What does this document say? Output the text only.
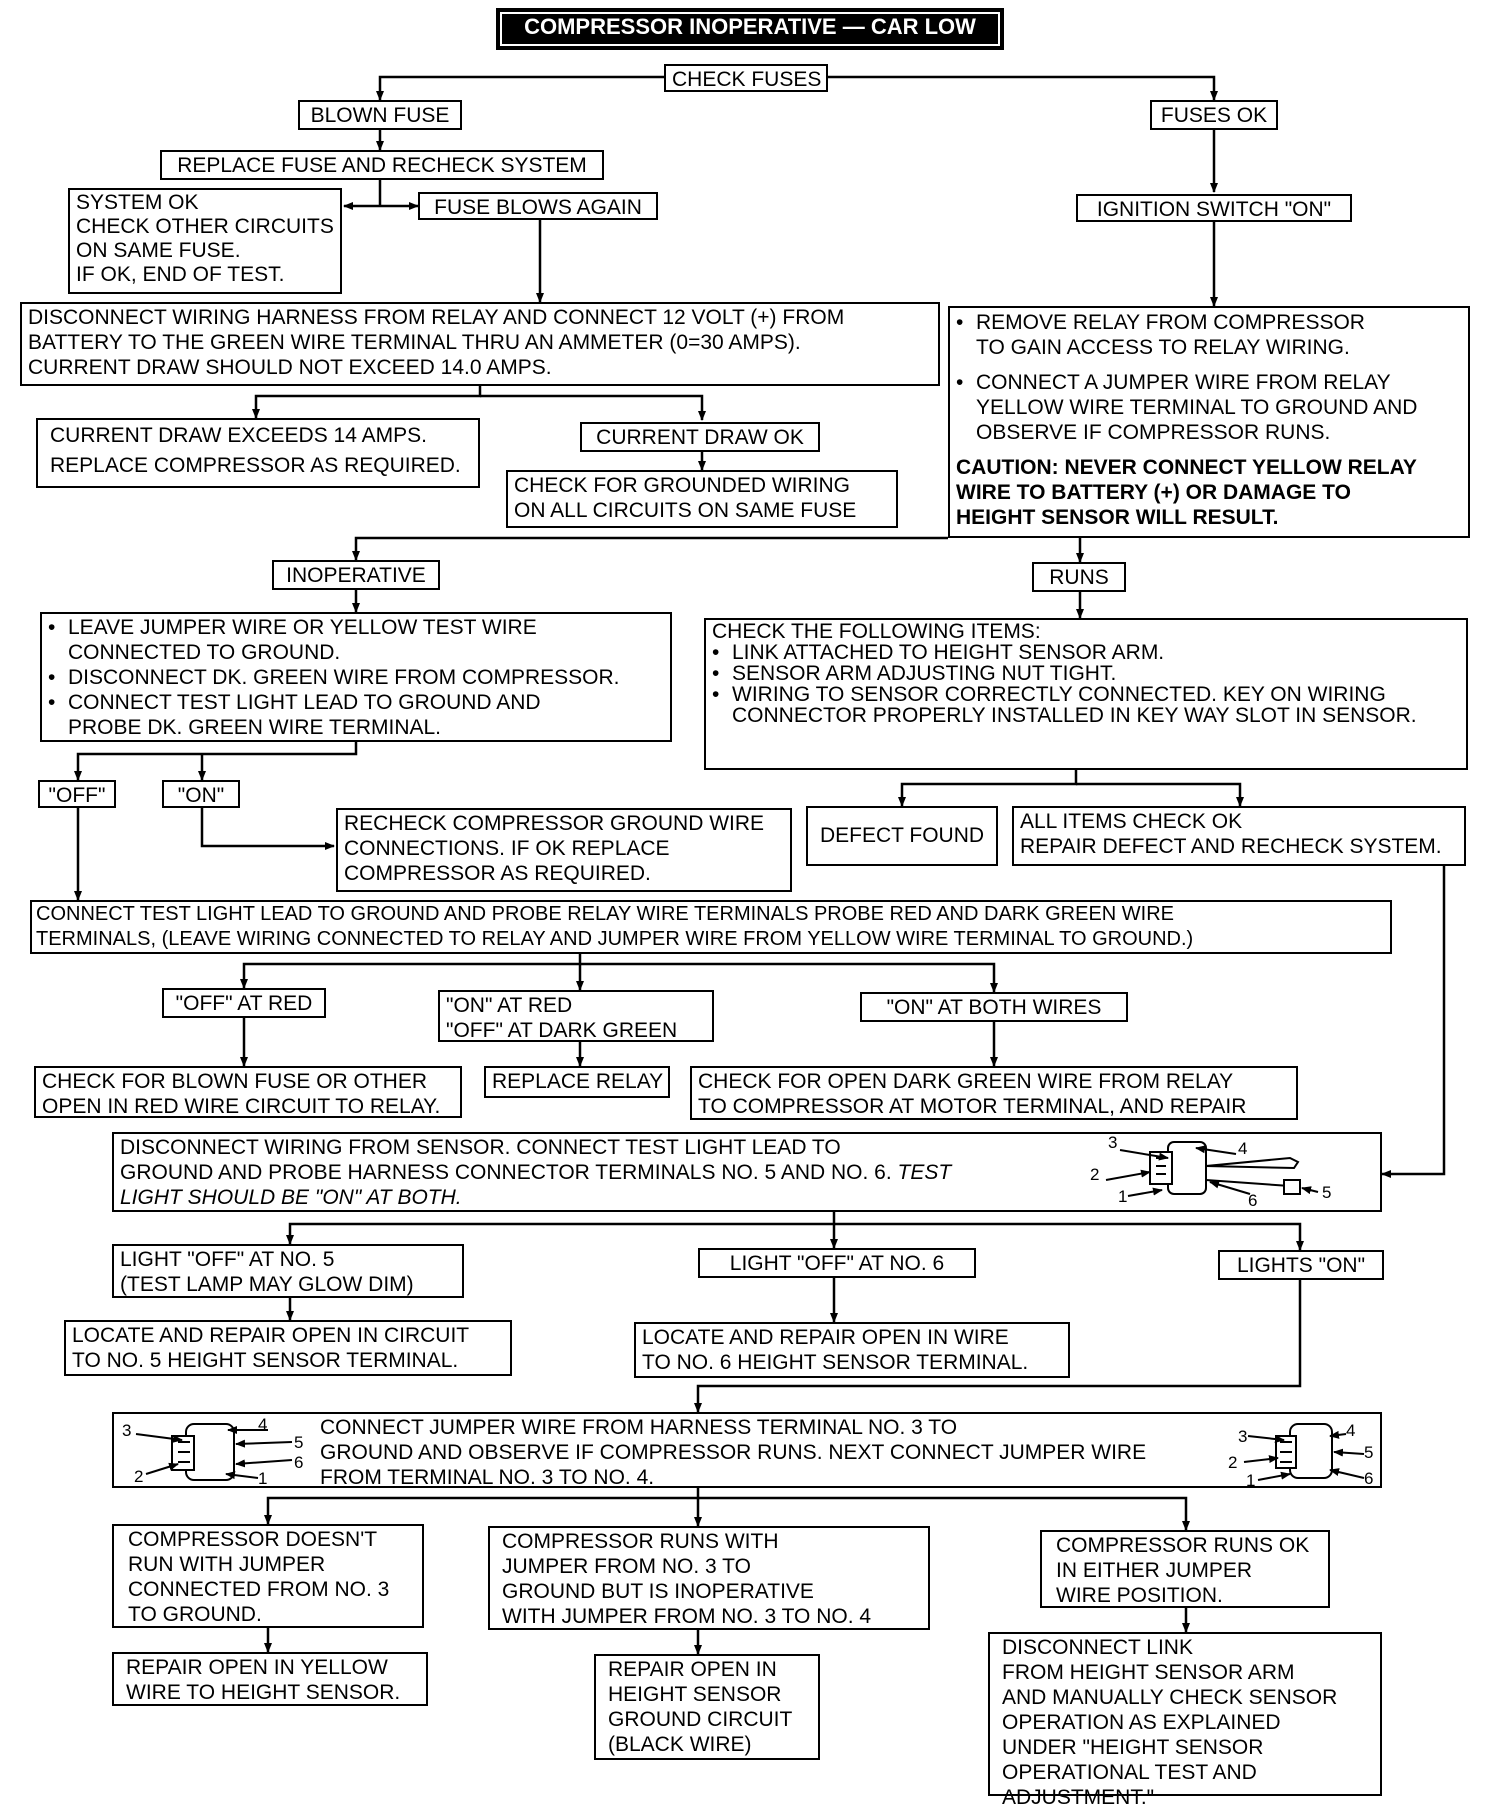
3	4
2
1	6	5
3	4
5
6
2	1
3	4
5
2
1	6
COMPRESSOR INOPERATIVE — CAR LOW
CHECK FUSES
BLOWN FUSE	FUSES OK
REPLACE FUSE AND RECHECK SYSTEM
SYSTEM OK
CHECK OTHER CIRCUITS
ON SAME FUSE.
IF OK, END OF TEST.
FUSE BLOWS AGAIN	IGNITION SWITCH "ON"
DISCONNECT WIRING HARNESS FROM RELAY AND CONNECT 12 VOLT (+) FROM
BATTERY TO THE GREEN WIRE TERMINAL THRU AN AMMETER (0=30 AMPS).
CURRENT DRAW SHOULD NOT EXCEED 14.0 AMPS.
• REMOVE RELAY FROM COMPRESSOR
TO GAIN ACCESS TO RELAY WIRING.
• CONNECT A JUMPER WIRE FROM RELAY
YELLOW WIRE TERMINAL TO GROUND AND
OBSERVE IF COMPRESSOR RUNS.
CAUTION: NEVER CONNECT YELLOW RELAY
WIRE TO BATTERY (+) OR DAMAGE TO
HEIGHT SENSOR WILL RESULT.
CURRENT DRAW EXCEEDS 14 AMPS.
REPLACE COMPRESSOR AS REQUIRED.
CURRENT DRAW OK
CHECK FOR GROUNDED WIRING
ON ALL CIRCUITS ON SAME FUSE
INOPERATIVE	RUNS
• LEAVE JUMPER WIRE OR YELLOW TEST WIRE
CONNECTED TO GROUND.
• DISCONNECT DK. GREEN WIRE FROM COMPRESSOR.
• CONNECT TEST LIGHT LEAD TO GROUND AND
PROBE DK. GREEN WIRE TERMINAL.
CHECK THE FOLLOWING ITEMS:
• LINK ATTACHED TO HEIGHT SENSOR ARM.
• SENSOR ARM ADJUSTING NUT TIGHT.
• WIRING TO SENSOR CORRECTLY CONNECTED. KEY ON WIRING
CONNECTOR PROPERLY INSTALLED IN KEY WAY SLOT IN SENSOR.
"OFF"	"ON"
RECHECK COMPRESSOR GROUND WIRE
CONNECTIONS. IF OK REPLACE
COMPRESSOR AS REQUIRED.
DEFECT FOUND
ALL ITEMS CHECK OK
REPAIR DEFECT AND RECHECK SYSTEM.
CONNECT TEST LIGHT LEAD TO GROUND AND PROBE RELAY WIRE TERMINALS PROBE RED AND DARK GREEN WIRE
TERMINALS, (LEAVE WIRING CONNECTED TO RELAY AND JUMPER WIRE FROM YELLOW WIRE TERMINAL TO GROUND.)
"OFF" AT RED	"ON" AT RED
"OFF" AT DARK GREEN
"ON" AT BOTH WIRES
CHECK FOR BLOWN FUSE OR OTHER
OPEN IN RED WIRE CIRCUIT TO RELAY.
REPLACE RELAY	CHECK FOR OPEN DARK GREEN WIRE FROM RELAY
TO COMPRESSOR AT MOTOR TERMINAL, AND REPAIR
DISCONNECT WIRING FROM SENSOR. CONNECT TEST LIGHT LEAD TO
GROUND AND PROBE HARNESS CONNECTOR TERMINALS NO. 5 AND NO. 6. TEST
LIGHT SHOULD BE "ON" AT BOTH.
LIGHT "OFF" AT NO. 5
(TEST LAMP MAY GLOW DIM)
LIGHT "OFF" AT NO. 6	LIGHTS "ON"
LOCATE AND REPAIR OPEN IN CIRCUIT
TO NO. 5 HEIGHT SENSOR TERMINAL.
LOCATE AND REPAIR OPEN IN WIRE
TO NO. 6 HEIGHT SENSOR TERMINAL.
CONNECT JUMPER WIRE FROM HARNESS TERMINAL NO. 3 TO
GROUND AND OBSERVE IF COMPRESSOR RUNS. NEXT CONNECT JUMPER WIRE
FROM TERMINAL NO. 3 TO NO. 4.
COMPRESSOR DOESN'T
RUN WITH JUMPER
CONNECTED FROM NO. 3
TO GROUND.
COMPRESSOR RUNS WITH
JUMPER FROM NO. 3 TO
GROUND BUT IS INOPERATIVE
WITH JUMPER FROM NO. 3 TO NO. 4
COMPRESSOR RUNS OK
IN EITHER JUMPER
WIRE POSITION.
REPAIR OPEN IN YELLOW
WIRE TO HEIGHT SENSOR.
REPAIR OPEN IN
HEIGHT SENSOR
GROUND CIRCUIT
(BLACK WIRE)
DISCONNECT LINK
FROM HEIGHT SENSOR ARM
AND MANUALLY CHECK SENSOR
OPERATION AS EXPLAINED
UNDER "HEIGHT SENSOR
OPERATIONAL TEST AND
ADJUSTMENT."
